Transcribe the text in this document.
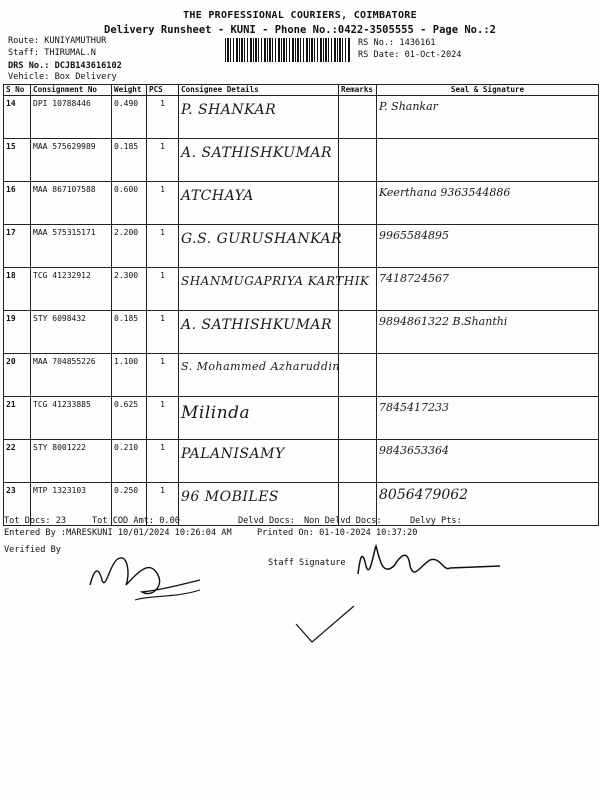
THE PROFESSIONAL COURIERS, COIMBATORE
Delivery Runsheet - KUNI - Phone No.:0422-3505555 - Page No.:2
Route: KUNIYAMUTHUR
Staff: THIRUMAL.N
DRS No.: DCJB143616102
Vehicle: Box Delivery
RS No.: 1436161
RS Date: 01-Oct-2024
S No	Consignment No	Weight	PCS	Consignee Details	Remarks	Seal & Signature
14	DPI 10788446	0.490	1	P. SHANKAR		P. Shankar

15	MAA 575629989	0.185	1	A. SATHISHKUMAR		

16	MAA 867107588	0.600	1	ATCHAYA		Keerthana 9363544886

17	MAA 575315171	2.200	1	G.S. GURUSHANKAR		9965584895

18	TCG 41232912	2.300	1	SHANMUGAPRIYA KARTHIK		7418724567

19	STY 6098432	0.185	1	A. SATHISHKUMAR		9894861322 B.Shanthi

20	MAA 704855226	1.100	1	S. Mohammed Azharuddin		

21	TCG 41233885	0.625	1	Milinda		7845417233

22	STY 8001222	0.210	1	PALANISAMY		9843653364

23	MTP 1323103	0.250	1	96 MOBILES		8056479062
Tot Docs: 23	Tot COD Amt: 0.00	Delvd Docs: Non Delvd Docs:	Delvy Pts:
Entered By :MARESKUNI 10/01/2024 10:26:04 AM	Printed On: 01-10-2024 10:37:20
Verified By
Staff Signature
